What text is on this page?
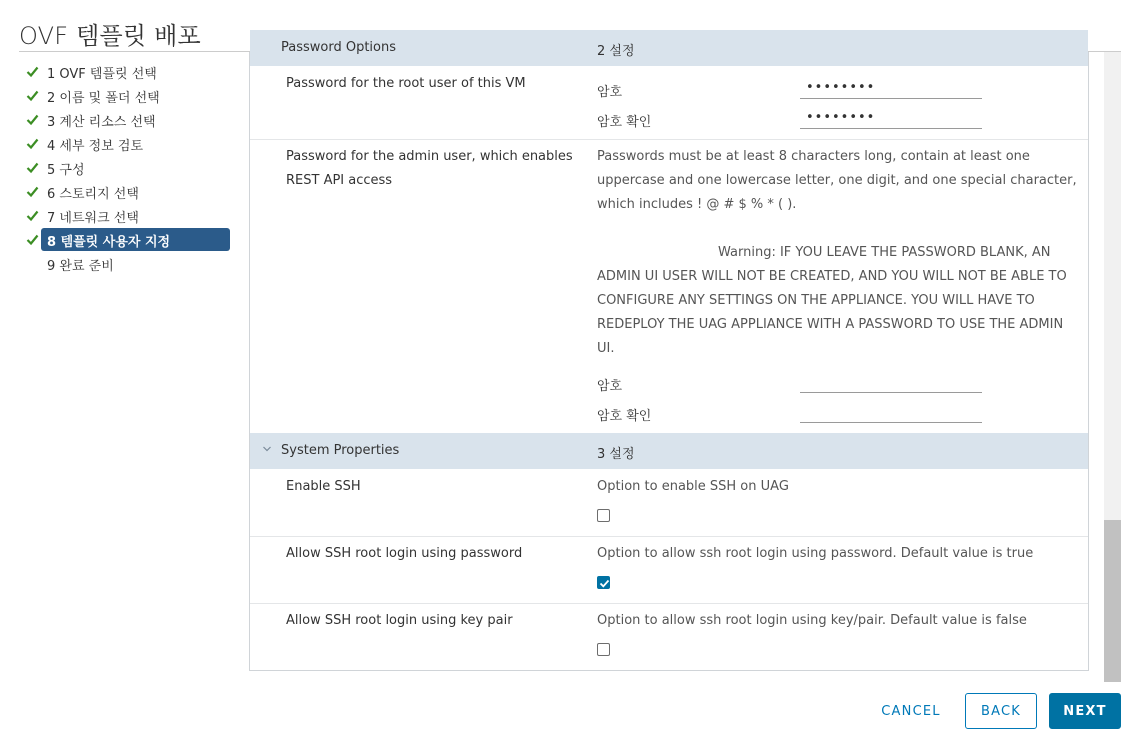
OVF 템플릿 배포
1 OVF 템플릿 선택
2 이름 및 폴더 선택
3 계산 리소스 선택
4 세부 정보 검토
5 구성
6 스토리지 선택
7 네트워크 선택
8 템플릿 사용자 지정
9 완료 준비
Password Options	2 설정
Password for the root user of this VM
암호
••••••••
암호 확인
••••••••
Password for the admin user, which enables
REST API access
Passwords must be at least 8 characters long, contain at least one
uppercase and one lowercase letter, one digit, and one special character,
which includes ! @ # $ % * ( ).
Warning: IF YOU LEAVE THE PASSWORD BLANK, AN
ADMIN UI USER WILL NOT BE CREATED, AND YOU WILL NOT BE ABLE TO
CONFIGURE ANY SETTINGS ON THE APPLIANCE. YOU WILL HAVE TO
REDEPLOY THE UAG APPLIANCE WITH A PASSWORD TO USE THE ADMIN
UI.
암호
암호 확인
System Properties	3 설정
Enable SSH	Option to enable SSH on UAG
Allow SSH root login using password	Option to allow ssh root login using password. Default value is true
Allow SSH root login using key pair	Option to allow ssh root login using key/pair. Default value is false
CANCEL	BACK	NEXT
